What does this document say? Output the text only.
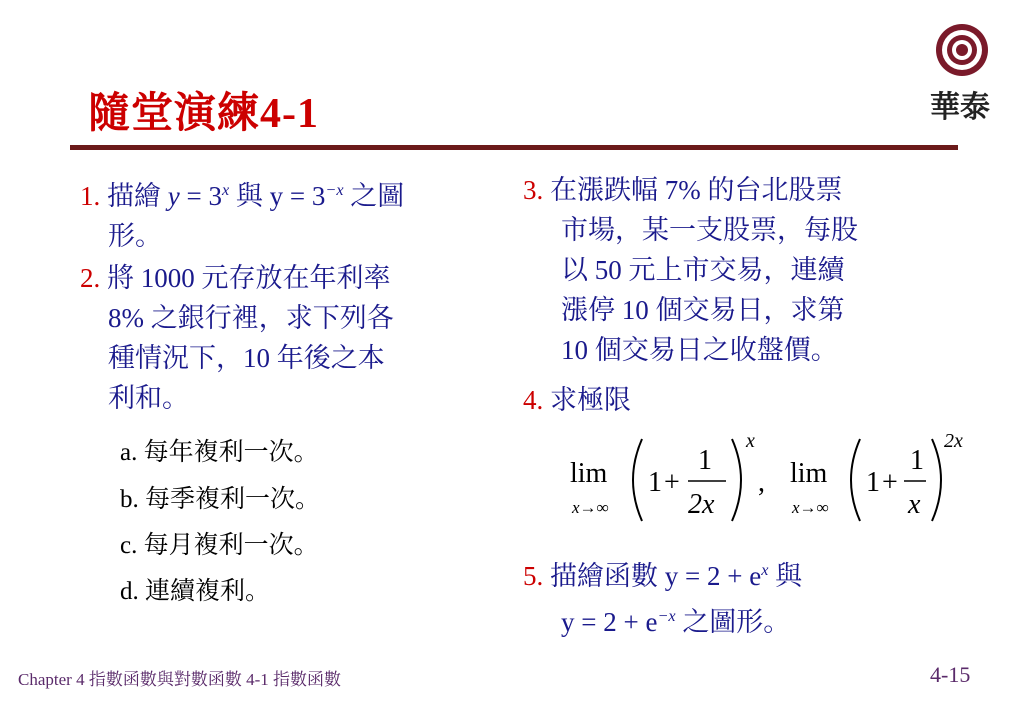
隨堂演練4-1	華泰
1. 描繪 $y = 3^x$ 與 $y = 3^{-x}$ 之圖
形。
2. 將 1000 元存放在年利率
8% 之銀行裡，求下列各
種情況下，10 年後之本
利和。
a. 每年複利一次。
b. 每季複利一次。
c. 每月複利一次。
d. 連續複利。
3. 在漲跌幅 7% 的台北股票
市場，某一支股票，每股
以 50 元上市交易，連續
漲停 10 個交易日，求第
10 個交易日之收盤價。
4. 求極限
lim
x→∞
1 +
1
2x
x
, lim
x→∞
1 +
1
x
2x
5. 描繪函數 $y = 2 + e^x$ 與
$y = 2 + e^{-x}$ 之圖形。
Chapter 4 指數函數與對數函數 4-1 指數函數	4-15
